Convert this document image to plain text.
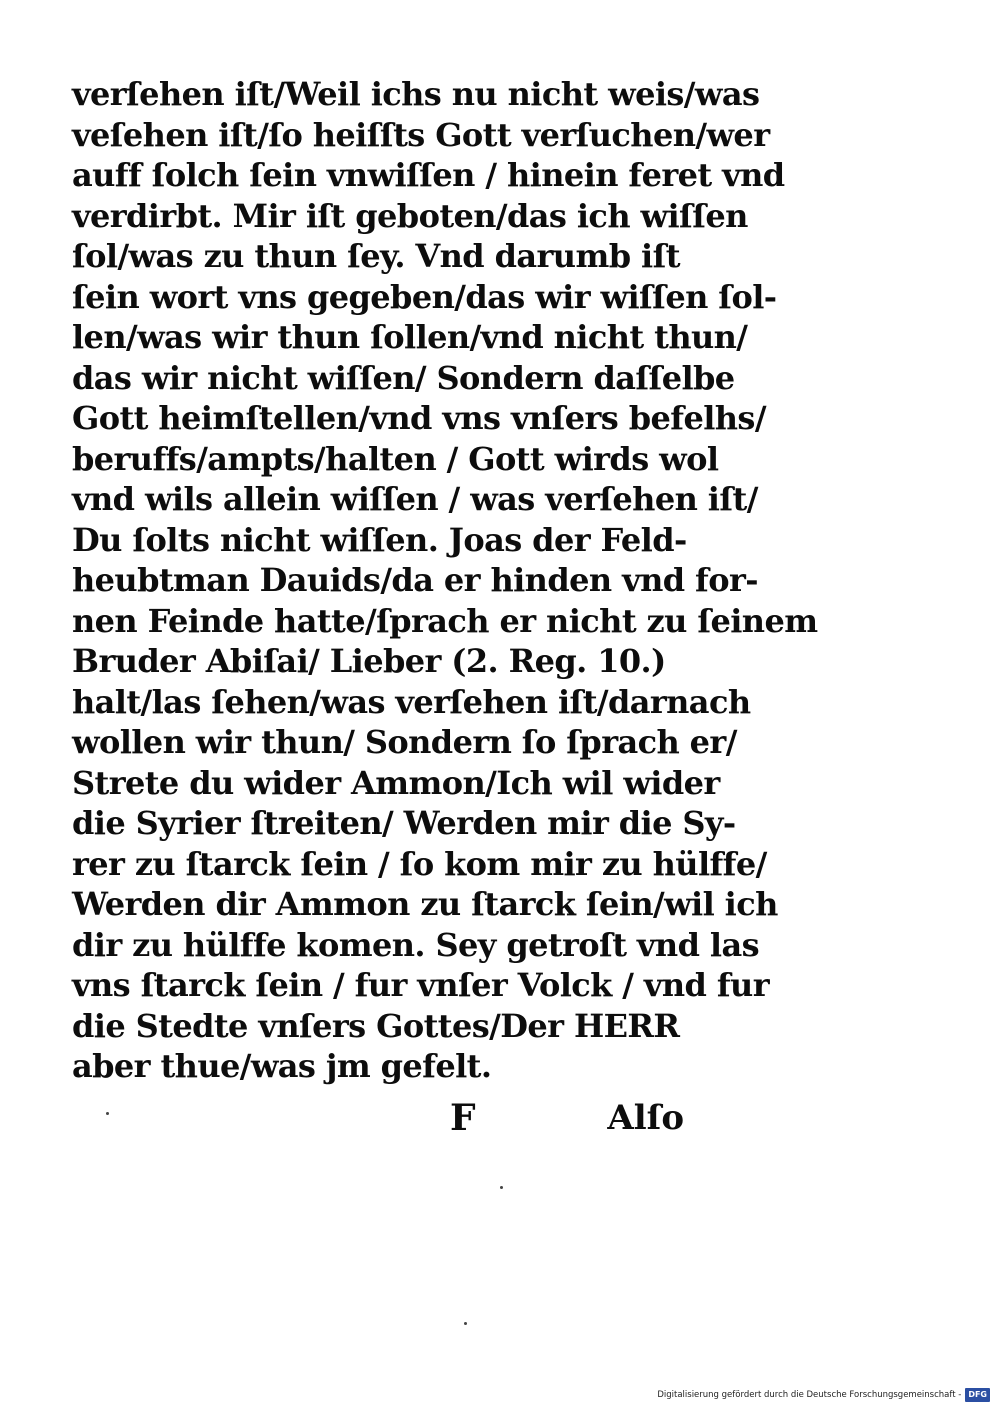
verſehen iſt/Weil ichs nu nicht weis/was
veſehen iſt/ſo heiſſts Gott verſuchen/wer
auff ſolch ſein vnwiſſen / hinein feret vnd
verdirbt. Mir iſt geboten/das ich wiſſen
ſol/was zu thun ſey. Vnd darumb iſt
ſein wort vns gegeben/das wir wiſſen ſol-
len/was wir thun ſollen/vnd nicht thun/
das wir nicht wiſſen/ Sondern daſſelbe
Gott heimſtellen/vnd vns vnſers befelhs/
beruffs/ampts/halten / Gott wirds wol
vnd wils allein wiſſen / was verſehen iſt/
Du ſolts nicht wiſſen. Joas der Feld-
heubtman Dauids/da er hinden vnd for-
nen Feinde hatte/ſprach er nicht zu ſeinem
Bruder Abiſai/ Lieber (2. Reg. 10.)
halt/las ſehen/was verſehen iſt/darnach
wollen wir thun/ Sondern ſo ſprach er/
Strete du wider Ammon/Ich wil wider
die Syrier ſtreiten/ Werden mir die Sy-
rer zu ſtarck ſein / ſo kom mir zu hülffe/
Werden dir Ammon zu ſtarck ſein/wil ich
dir zu hülffe komen. Sey getroſt vnd las
vns ſtarck ſein / fur vnſer Volck / vnd fur
die Stedte vnſers Gottes/Der HERR
aber thue/was jm gefelt.
F	Alſo
Digitalisierung gefördert durch die Deutsche Forschungsgemeinschaft - DFG
